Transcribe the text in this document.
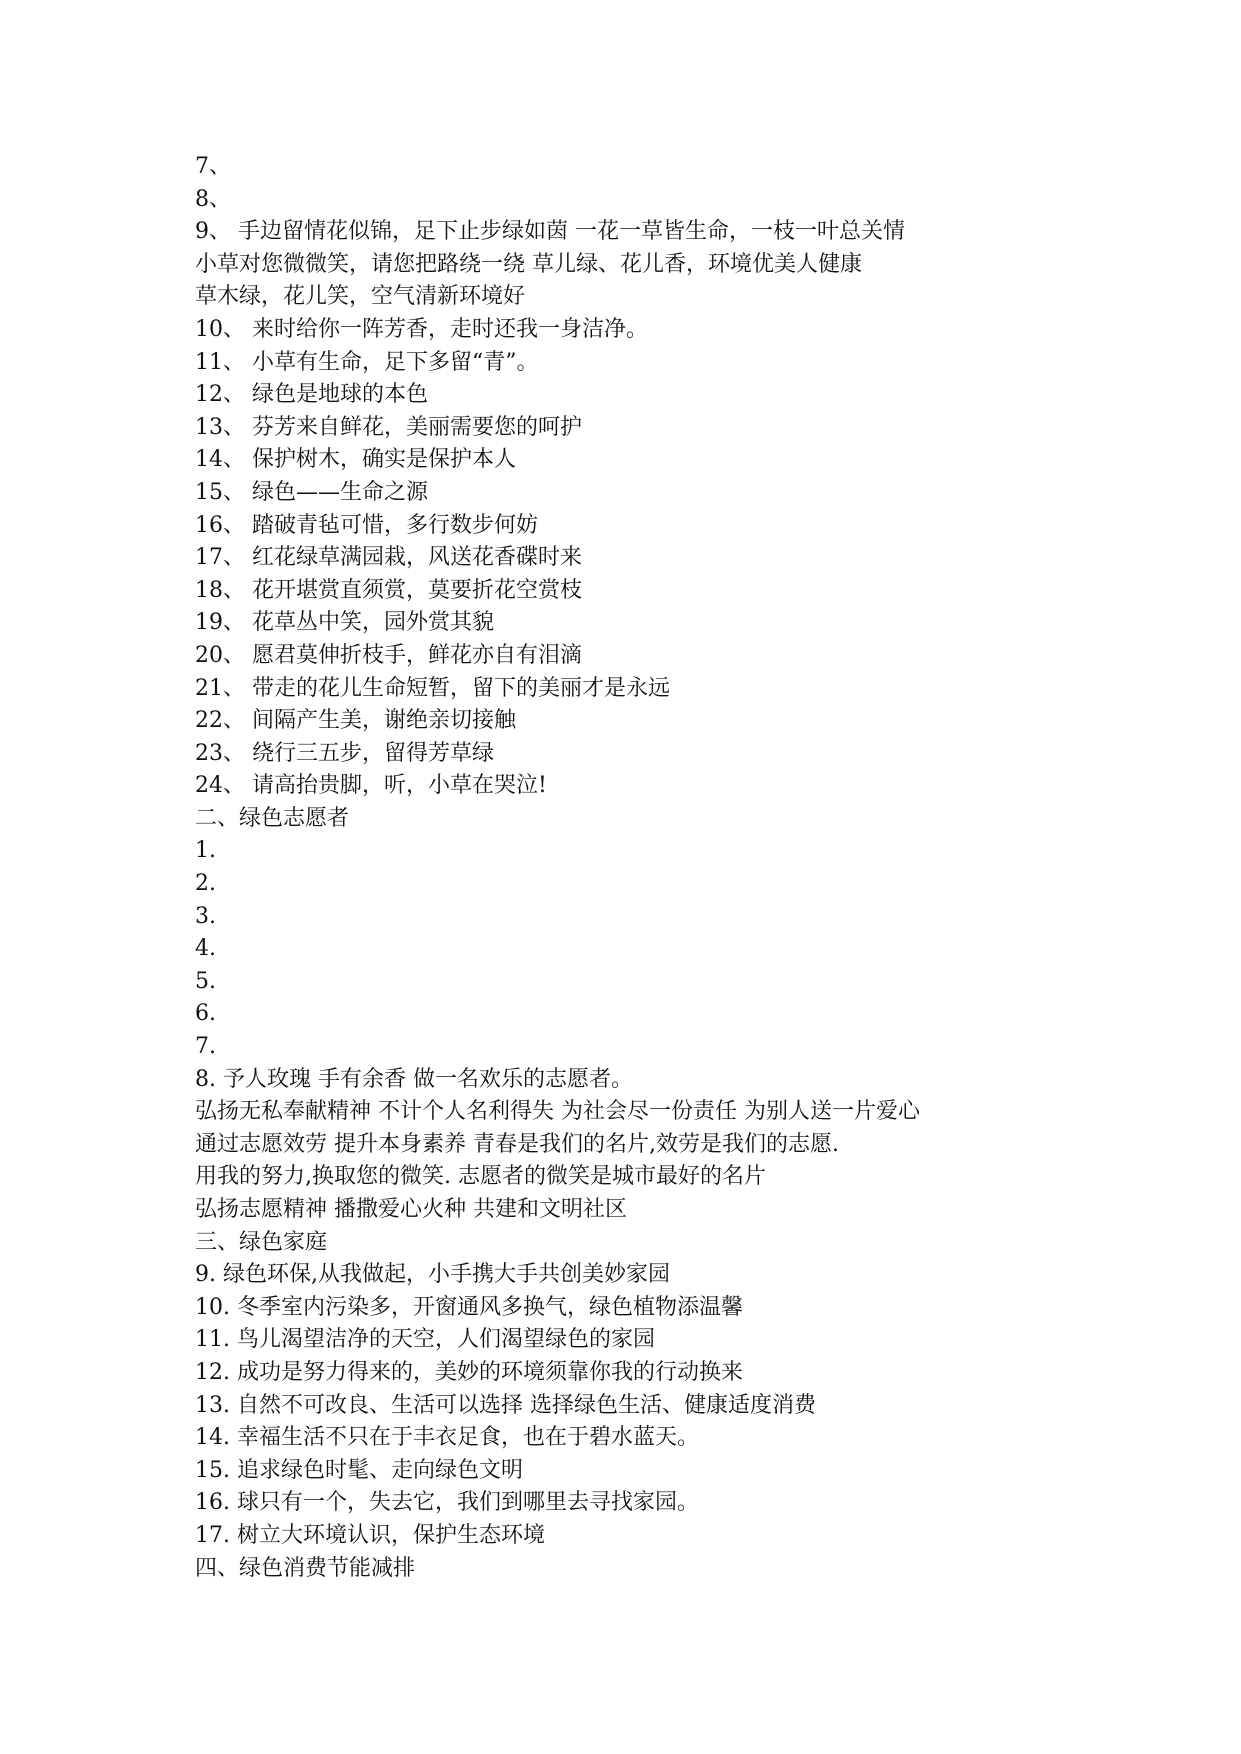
7、
8、
9、 手边留情花似锦，足下止步绿如茵 一花一草皆生命，一枝一叶总关情
小草对您微微笑，请您把路绕一绕 草儿绿、花儿香，环境优美人健康
草木绿，花儿笑，空气清新环境好
10、 来时给你一阵芳香，走时还我一身洁净。
11、 小草有生命，足下多留“青”。
12、 绿色是地球的本色
13、 芬芳来自鲜花，美丽需要您的呵护
14、 保护树木，确实是保护本人
15、 绿色——生命之源
16、 踏破青毡可惜，多行数步何妨
17、 红花绿草满园栽，风送花香碟时来
18、 花开堪赏直须赏，莫要折花空赏枝
19、 花草丛中笑，园外赏其貌
20、 愿君莫伸折枝手，鲜花亦自有泪滴
21、 带走的花儿生命短暂，留下的美丽才是永远
22、 间隔产生美，谢绝亲切接触
23、 绕行三五步，留得芳草绿
24、 请高抬贵脚，听，小草在哭泣!
二、绿色志愿者
1.
2.
3.
4.
5.
6.
7.
8. 予人玫瑰 手有余香 做一名欢乐的志愿者。
弘扬无私奉献精神 不计个人名利得失 为社会尽一份责任 为别人送一片爱心
通过志愿效劳 提升本身素养 青春是我们的名片,效劳是我们的志愿.
用我的努力,换取您的微笑. 志愿者的微笑是城市最好的名片
弘扬志愿精神 播撒爱心火种 共建和文明社区
三、绿色家庭
9. 绿色环保,从我做起，小手携大手共创美妙家园
10. 冬季室内污染多，开窗通风多换气，绿色植物添温馨
11. 鸟儿渴望洁净的天空，人们渴望绿色的家园
12. 成功是努力得来的，美妙的环境须靠你我的行动换来
13. 自然不可改良、生活可以选择 选择绿色生活、健康适度消费
14. 幸福生活不只在于丰衣足食，也在于碧水蓝天。
15. 追求绿色时髦、走向绿色文明
16. 球只有一个，失去它，我们到哪里去寻找家园。
17. 树立大环境认识，保护生态环境
四、绿色消费节能减排
